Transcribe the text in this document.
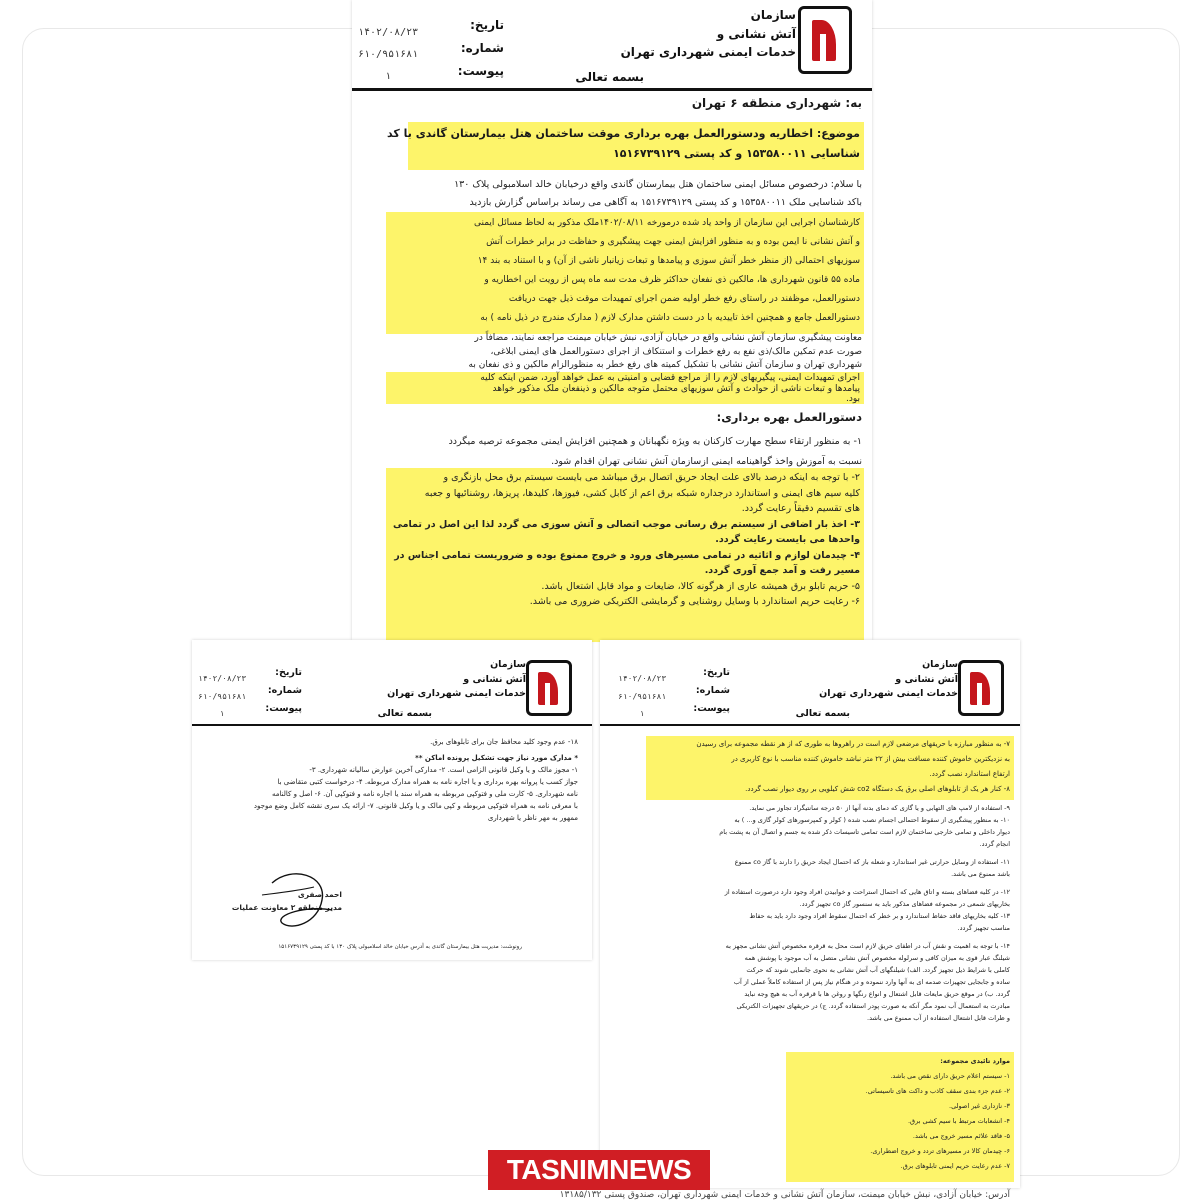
سازمان
آتش نشانی و
خدمات ایمنی شهرداری تهران
تاریخ:
شماره:
پیوست:
۱۴۰۲/۰۸/۲۳
۶۱۰/۹۵۱۶۸۱
۱	بسمه تعالی
به: شهرداری منطقه ۶ تهران
موضوع: اخطاریه ودستورالعمل بهره برداری موقت ساختمان هتل بیمارستان گاندی با کد
شناسایی ۱۵۳۵۸۰۰۱۱ و کد پستی ۱۵۱۶۷۳۹۱۲۹
با سلام: درخصوص مسائل ایمنی ساختمان هتل بیمارستان گاندی واقع درخیابان خالد اسلامبولی پلاک ۱۳۰
باکد شناسایی ملک ۱۵۳۵۸۰۰۱۱ و کد پستی ۱۵۱۶۷۳۹۱۲۹ به آگاهی می رساند براساس گزارش بازدید
کارشناسان اجرایی این سازمان از واحد یاد شده درمورخه ۱۴۰۲/۰۸/۱۱ملک مذکور به لحاظ مسائل ایمنی
و آتش نشانی نا ایمن بوده و به منظور افزایش ایمنی جهت پیشگیری و حفاظت در برابر خطرات آتش
سوزیهای احتمالی (از منظر خطر آتش سوزی و پیامدها و تبعات زیانبار ناشی از آن) و با استناد به بند ۱۴
ماده ۵۵ قانون شهرداری ها، مالکین ذی نفعان حداکثر ظرف مدت سه ماه پس از رویت این اخطاریه و
دستورالعمل، موظفند در راستای رفع خطر اولیه ضمن اجرای تمهیدات موقت ذیل جهت دریافت
دستورالعمل جامع و همچنین اخذ تاییدیه با در دست داشتن مدارک لازم ( مدارک مندرج در ذیل نامه ) به
معاونت پیشگیری سازمان آتش نشانی واقع در خیابان آزادی، نبش خیابان میمنت مراجعه نمایند، مضافاً در
صورت عدم تمکین مالک/ذی نفع به رفع خطرات و استنکاف از اجرای دستورالعمل های ایمنی ابلاغی،
شهرداری تهران و سازمان آتش نشانی با تشکیل کمیته های رفع خطر به منظورالزام مالکین و ذی نفعان به
اجرای تمهیدات ایمنی، پیگیریهای لازم را از مراجع قضایی و امنیتی به عمل خواهد آورد، ضمن اینکه کلیه
پیامدها و تبعات ناشی از حوادث و آتش سوزیهای محتمل متوجه مالکین و ذینفعان ملک مذکور خواهد
بود.
دستورالعمل بهره برداری:
۱- به منظور ارتقاء سطح مهارت کارکنان به ویژه نگهبانان و همچنین افزایش ایمنی مجموعه ترصیه میگردد
نسبت به آموزش واخذ گواهینامه ایمنی ازسازمان آتش نشانی تهران اقدام شود.
۲- با توجه به اینکه درصد بالای علت ایجاد حریق اتصال برق میباشد می بایست سیستم برق محل بازنگری و
کلیه سیم های ایمنی و استاندارد درجداره شبکه برق اعم از کابل کشی، فیوزها، کلیدها، پریزها، روشنائیها و جعبه
های تقسیم دقیقاً رعایت گردد.
۳- اخذ بار اضافی از سیستم برق رسانی موجب اتصالی و آتش سوزی می گردد لذا این اصل در تمامی
واحدها می بایست رعایت گردد.
۴- چیدمان لوازم و اثاثیه در تمامی مسیرهای ورود و خروج ممنوع بوده و ضروریست تمامی اجناس در
مسیر رفت و آمد جمع آوری گردد.
۵- حریم تابلو برق همیشه عاری از هرگونه کالا، ضایعات و مواد قابل اشتعال باشد.
۶- رعایت حریم استاندارد با وسایل روشنایی و گرمایشی الکتریکی ضروری می باشد.
سازمان
آتش نشانی و
خدمات ایمنی شهرداری تهران
تاریخ:
شماره:
پیوست:
۱۴۰۲/۰۸/۲۳
۶۱۰/۹۵۱۶۸۱
۱	بسمه تعالی
۱۸- عدم وجود کلید محافظ جان برای تابلوهای برق.
* مدارک مورد نیاز جهت تشکیل پرونده اماکن **
۱- مجوز مالک و یا وکیل قانونی الزامی است. ۲- مدارکی آخرین عوارض سالیانه شهرداری. ۳-
جواز کسب یا پروانه بهره برداری و یا اجاره نامه به همراه مدارک مربوطه. ۴- درخواست کتبی متقاضی با
نامه شهرداری. ۵- کارت ملی و فتوکپی مربوطه به همراه سند یا اجاره نامه و فتوکپی آن. ۶- اصل و کالنامه
با معرفی نامه به همراه فتوکپی مربوطه و کپی مالک و یا وکیل قانونی. ۷- ارائه یک سری نقشه کامل وضع موجود
ممهور به مهر ناظر یا شهرداری
احمد صفری
مدیر منطقه ۲ معاونت عملیات
رونوشت: مدیریت هتل بیمارستان گاندی به آدرس خیابان خالد اسلامبولی پلاک ۱۳۰ با کد پستی ۱۵۱۶۷۳۹۱۲۹
سازمان
آتش نشانی و
خدمات ایمنی شهرداری تهران
تاریخ:
شماره:
پیوست:
۱۴۰۲/۰۸/۲۳
۶۱۰/۹۵۱۶۸۱
۱	بسمه تعالی
۷- به منظور مبارزه با حریقهای مرضعی لازم است در راهروها به طوری که از هر نقطه مجموعه برای رسیدن
به نزدیکترین خاموش کننده مسافت بیش از ۲۲ متر نباشد خاموش کننده مناسب با نوع کاربری در
ارتفاع استاندارد نصب گردد.
۸- کنار هر یک از تابلوهای اصلی برق یک دستگاه co2 شش کیلویی بر روی دیوار نصب گردد.
۹- استفاده از لامپ های التهابی و یا گازی که دمای بدنه آنها از ۵۰ درجه سانتیگراد تجاوز می نماید.
۱۰- به منظور پیشگیری از سقوط احتمالی اجسام نصب شده ( کولر و کمپرسورهای کولر گازی و... ) به
دیوار داخلی و تمامی خارجی ساختمان لازم است تمامی تاسیسات ذکر شده به جسم و اتصال آن به پشت بام
انجام گردد.
۱۱- استفاده از وسایل حرارتی غیر استاندارد و شعله باز که احتمال ایجاد حریق را دارند با گاز co ممنوع
باشد ممنوع می باشد.
۱۲- در کلیه فضاهای بسته و اتاق هایی که احتمال استراحت و خوابیدن افراد وجود دارد درصورت استفاده از
بخاریهای شمعی در مجموعه فضاهای مذکور باید به سنسور گاز co تجهیز گردد.
۱۳- کلیه بخاریهای فاقد حفاظ استاندارد و بر خطر که احتمال سقوط افراد وجود دارد باید به حفاظ
مناسب تجهیز گردد.
۱۴- با توجه به اهمیت و نقش آب در اطفای حریق لازم است محل به قرقره مخصوص آتش نشانی مجهز به
شیلنگ عبار قوی به میزان کافی و سرلوله مخصوص آتش نشانی متصل به آب موجود با پوشش همه
کاملی با شرایط ذیل تجهیز گردد. الف) شیلنگهای آب آتش نشانی به نحوی جانمایی شوند که حرکت
ساده و جابجایی تجهیزات صدمه ای به آنها وارد ننموده و در هنگام نیاز پس از استفاده کاملاً عملی از آب
گردد. ب) در موقع حریق مایعات قابل اشتعال و انواع رنگها و روغن ها با قرقره آب به هیچ وجه نباید
مبادرت به استعمال آب نمود مگر آنکه به صورت پودر استفاده گردد. ج) در حریقهای تجهیزات الکتریکی
و ظرات قابل اشتعال استفاده از آب ممنوع می باشد.
موارد تائیدی مجموعه:
۱- سیستم اعلام حریق دارای نقص می باشد.
۲- عدم جزء بندی سقف کاذب و داکت های تاسیساتی.
۳- نازداری غیر اصولی.
۴- انشعابات مرتبط با سیم کشی برق.
۵- فاقد علائم مسیر خروج می باشد.
۶- چیدمان کالا در مسیرهای تردد و خروج اضطراری.
۷- عدم رعایت حریم ایمنی تابلوهای برق.
TASNIMNEWS
آدرس: خیابان آزادی، نبش خیابان میمنت، سازمان آتش نشانی و خدمات ایمنی شهرداری تهران، صندوق پستی ۱۳۱۸۵/۱۳۲
